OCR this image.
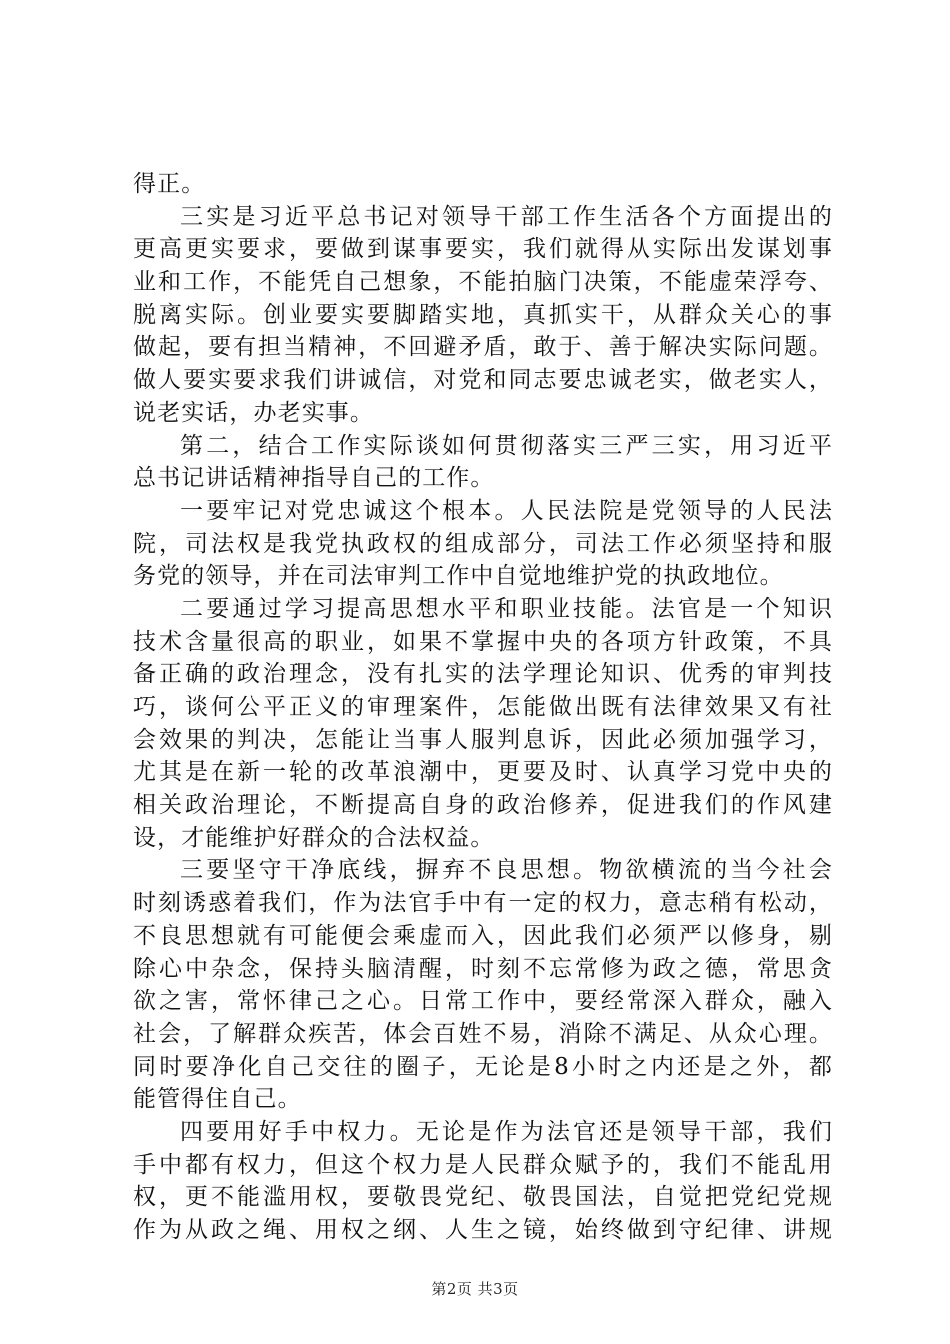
得正。
三实是习近平总书记对领导干部工作生活各个方面提出的
更高更实要求，要做到谋事要实，我们就得从实际出发谋划事
业和工作，不能凭自己想象，不能拍脑门决策，不能虚荣浮夸、
脱离实际。创业要实要脚踏实地，真抓实干，从群众关心的事
做起，要有担当精神，不回避矛盾，敢于、善于解决实际问题。
做人要实要求我们讲诚信，对党和同志要忠诚老实，做老实人，
说老实话，办老实事。
第二，结合工作实际谈如何贯彻落实三严三实，用习近平
总书记讲话精神指导自己的工作。
一要牢记对党忠诚这个根本。人民法院是党领导的人民法
院，司法权是我党执政权的组成部分，司法工作必须坚持和服
务党的领导，并在司法审判工作中自觉地维护党的执政地位。
二要通过学习提高思想水平和职业技能。法官是一个知识
技术含量很高的职业，如果不掌握中央的各项方针政策，不具
备正确的政治理念，没有扎实的法学理论知识、优秀的审判技
巧，谈何公平正义的审理案件，怎能做出既有法律效果又有社
会效果的判决，怎能让当事人服判息诉，因此必须加强学习，
尤其是在新一轮的改革浪潮中，更要及时、认真学习党中央的
相关政治理论，不断提高自身的政治修养，促进我们的作风建
设，才能维护好群众的合法权益。
三要坚守干净底线，摒弃不良思想。物欲横流的当今社会
时刻诱惑着我们，作为法官手中有一定的权力，意志稍有松动，
不良思想就有可能便会乘虚而入，因此我们必须严以修身，剔
除心中杂念，保持头脑清醒，时刻不忘常修为政之德，常思贪
欲之害，常怀律己之心。日常工作中，要经常深入群众，融入
社会，了解群众疾苦，体会百姓不易，消除不满足、从众心理。
同时要净化自己交往的圈子，无论是8小时之内还是之外，都
能管得住自己。
四要用好手中权力。无论是作为法官还是领导干部，我们
手中都有权力，但这个权力是人民群众赋予的，我们不能乱用
权，更不能滥用权，要敬畏党纪、敬畏国法，自觉把党纪党规
作为从政之绳、用权之纲、人生之镜，始终做到守纪律、讲规
第2页 共3页
